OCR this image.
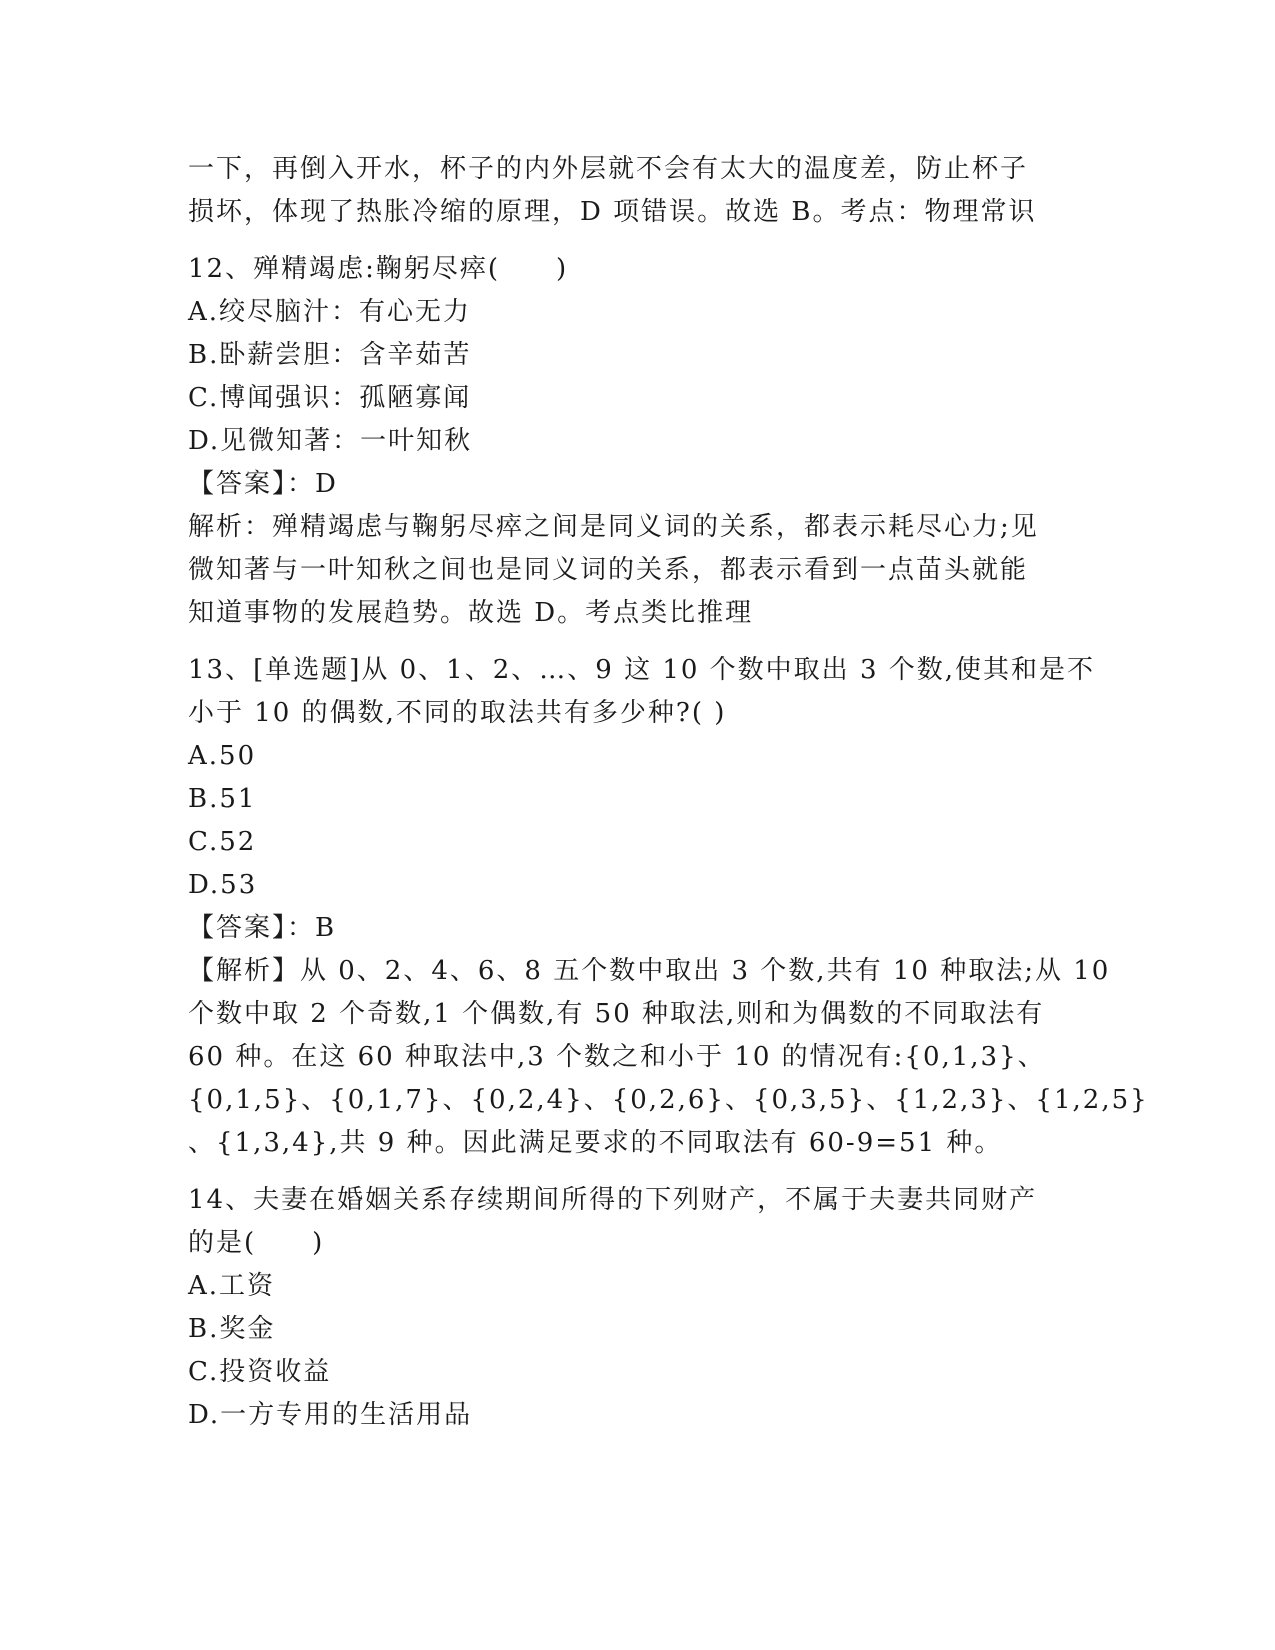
一下，再倒入开水，杯子的内外层就不会有太大的温度差，防止杯子
损坏，体现了热胀冷缩的原理，D 项错误。故选 B。考点：物理常识
12、殚精竭虑:鞠躬尽瘁(　　)
A.绞尽脑汁：有心无力
B.卧薪尝胆：含辛茹苦
C.博闻强识：孤陋寡闻
D.见微知著：一叶知秋
【答案】：D
解析：殚精竭虑与鞠躬尽瘁之间是同义词的关系，都表示耗尽心力;见
微知著与一叶知秋之间也是同义词的关系，都表示看到一点苗头就能
知道事物的发展趋势。故选 D。考点类比推理
13、[单选题]从 0、1、2、…、9 这 10 个数中取出 3 个数,使其和是不
小于 10 的偶数,不同的取法共有多少种?( )
A.50
B.51
C.52
D.53
【答案】：B
【解析】从 0、2、4、6、8 五个数中取出 3 个数,共有 10 种取法;从 10
个数中取 2 个奇数,1 个偶数,有 50 种取法,则和为偶数的不同取法有
60 种。在这 60 种取法中,3 个数之和小于 10 的情况有:{0,1,3}、
{0,1,5}、{0,1,7}、{0,2,4}、{0,2,6}、{0,3,5}、{1,2,3}、{1,2,5}
、{1,3,4},共 9 种。因此满足要求的不同取法有 60-9=51 种。
14、夫妻在婚姻关系存续期间所得的下列财产，不属于夫妻共同财产
的是(　　)
A.工资
B.奖金
C.投资收益
D.一方专用的生活用品
